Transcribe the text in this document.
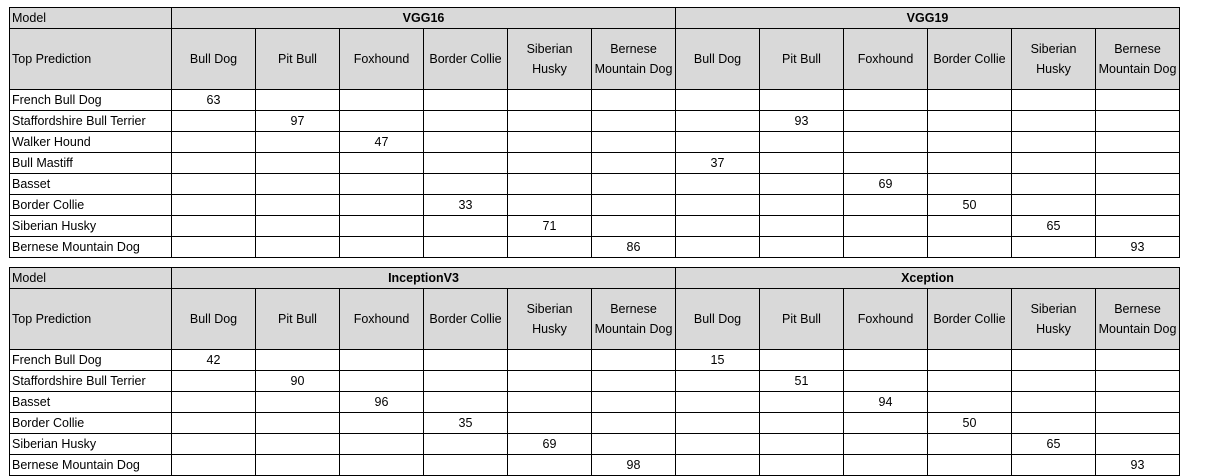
Model	VGG16						VGG19					
Top Prediction	Bull Dog	Pit Bull	Foxhound	Border Collie	Siberian Husky	Bernese Mountain Dog	Bull Dog	Pit Bull	Foxhound	Border Collie	Siberian Husky	Bernese Mountain Dog
French Bull Dog	63											
Staffordshire Bull Terrier		97						93				
Walker Hound			47									
Bull Mastiff							37					
Basset									69			
Border Collie				33						50		
Siberian Husky					71						65	
Bernese Mountain Dog						86						93
Model	InceptionV3						Xception					
Top Prediction	Bull Dog	Pit Bull	Foxhound	Border Collie	Siberian Husky	Bernese Mountain Dog	Bull Dog	Pit Bull	Foxhound	Border Collie	Siberian Husky	Bernese Mountain Dog
French Bull Dog	42						15					
Staffordshire Bull Terrier		90						51				
Basset			96						94			
Border Collie				35						50		
Siberian Husky					69						65	
Bernese Mountain Dog						98						93
